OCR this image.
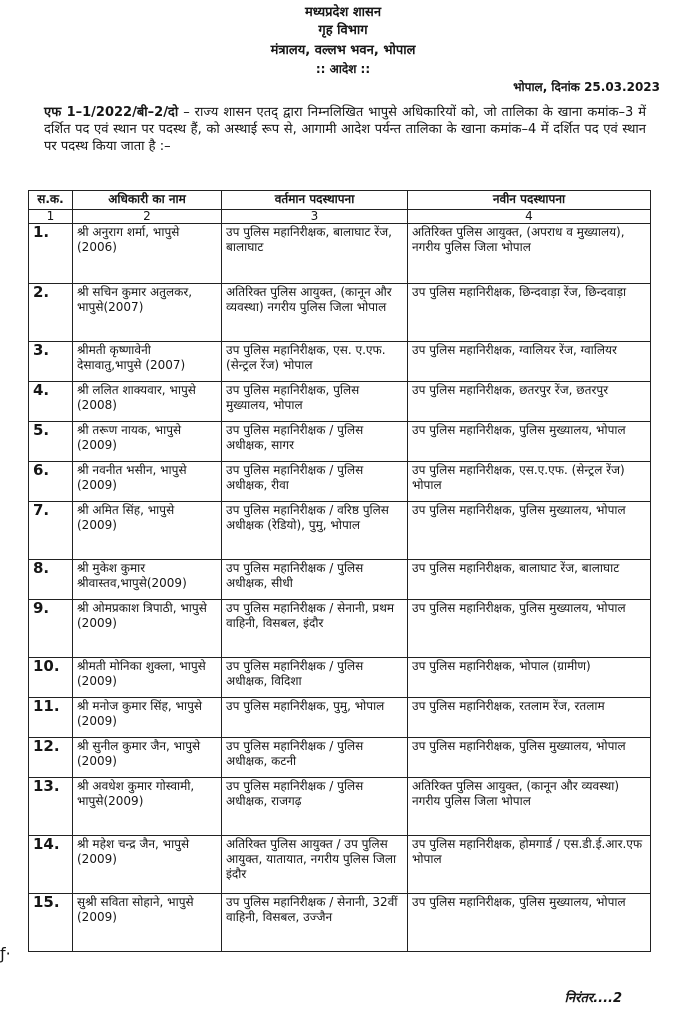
मध्यप्रदेश शासन
गृह विभाग
मंत्रालय, वल्लभ भवन, भोपाल
:: आदेश ::
भोपाल, दिनांक 25.03.2023
एफ 1–1/2022/बी–2/दो – राज्य शासन एतद् द्वारा निम्नलिखित भापुसे अधिकारियों को, जो तालिका के खाना कमांक–3 में दर्शित पद एवं स्थान पर पदस्थ हैं, को अस्थाई रूप से, आगामी आदेश पर्यन्त तालिका के खाना कमांक–4 में दर्शित पद एवं स्थान पर पदस्थ किया जाता है :–
स.क.	अधिकारी का नाम	वर्तमान पदस्थापना	नवीन पदस्थापना
1	2	3	4
1.	श्री अनुराग शर्मा, भापुसे (2006)	उप पुलिस महानिरीक्षक, बालाघाट रेंज, बालाघाट	अतिरिक्त पुलिस आयुक्त, (अपराध व मुख्यालय), नगरीय पुलिस जिला भोपाल
2.	श्री सचिन कुमार अतुलकर, भापुसे(2007)	अतिरिक्त पुलिस आयुक्त, (कानून और व्यवस्था) नगरीय पुलिस जिला भोपाल	उप पुलिस महानिरीक्षक, छिन्दवाड़ा रेंज, छिन्दवाड़ा
3.	श्रीमती कृष्णावेनी देसावातु,भापुसे (2007)	उप पुलिस महानिरीक्षक, एस. ए.एफ. (सेन्ट्रल रेंज) भोपाल	उप पुलिस महानिरीक्षक, ग्वालियर रेंज, ग्वालियर
4.	श्री ललित शाक्यवार, भापुसे (2008)	उप पुलिस महानिरीक्षक, पुलिस मुख्यालय, भोपाल	उप पुलिस महानिरीक्षक, छतरपुर रेंज, छतरपुर
5.	श्री तरूण नायक, भापुसे (2009)	उप पुलिस महानिरीक्षक / पुलिस अधीक्षक, सागर	उप पुलिस महानिरीक्षक, पुलिस मुख्यालय, भोपाल
6.	श्री नवनीत भसीन, भापुसे (2009)	उप पुलिस महानिरीक्षक / पुलिस अधीक्षक, रीवा	उप पुलिस महानिरीक्षक, एस.ए.एफ. (सेन्ट्रल रेंज) भोपाल
7.	श्री अमित सिंह, भापुसे (2009)	उप पुलिस महानिरीक्षक / वरिष्ठ पुलिस अधीक्षक (रेडियो), पुमु, भोपाल	उप पुलिस महानिरीक्षक, पुलिस मुख्यालय, भोपाल
8.	श्री मुकेश कुमार श्रीवास्तव,भापुसे(2009)	उप पुलिस महानिरीक्षक / पुलिस अधीक्षक, सीधी	उप पुलिस महानिरीक्षक, बालाघाट रेंज, बालाघाट
9.	श्री ओमप्रकाश त्रिपाठी, भापुसे (2009)	उप पुलिस महानिरीक्षक / सेनानी, प्रथम वाहिनी, विसबल, इंदौर	उप पुलिस महानिरीक्षक, पुलिस मुख्यालय, भोपाल
10.	श्रीमती मोनिका शुक्ला, भापुसे (2009)	उप पुलिस महानिरीक्षक / पुलिस अधीक्षक, विदिशा	उप पुलिस महानिरीक्षक, भोपाल (ग्रामीण)
11.	श्री मनोज कुमार सिंह, भापुसे (2009)	उप पुलिस महानिरीक्षक, पुमु, भोपाल	उप पुलिस महानिरीक्षक, रतलाम रेंज, रतलाम
12.	श्री सुनील कुमार जैन, भापुसे (2009)	उप पुलिस महानिरीक्षक / पुलिस अधीक्षक, कटनी	उप पुलिस महानिरीक्षक, पुलिस मुख्यालय, भोपाल
13.	श्री अवधेश कुमार गोस्वामी, भापुसे(2009)	उप पुलिस महानिरीक्षक / पुलिस अधीक्षक, राजगढ़	अतिरिक्त पुलिस आयुक्त, (कानून और व्यवस्था) नगरीय पुलिस जिला भोपाल
14.	श्री महेश चन्द्र जैन, भापुसे (2009)	अतिरिक्त पुलिस आयुक्त / उप पुलिस आयुक्त, यातायात, नगरीय पुलिस जिला इंदौर	उप पुलिस महानिरीक्षक, होमगार्ड / एस.डी.ई.आर.एफ भोपाल
15.	सुश्री सविता सोहाने, भापुसे (2009)	उप पुलिस महानिरीक्षक / सेनानी, 32वीं वाहिनी, विसबल, उज्जैन	उप पुलिस महानिरीक्षक, पुलिस मुख्यालय, भोपाल
ƒ·
निरंतर....2
